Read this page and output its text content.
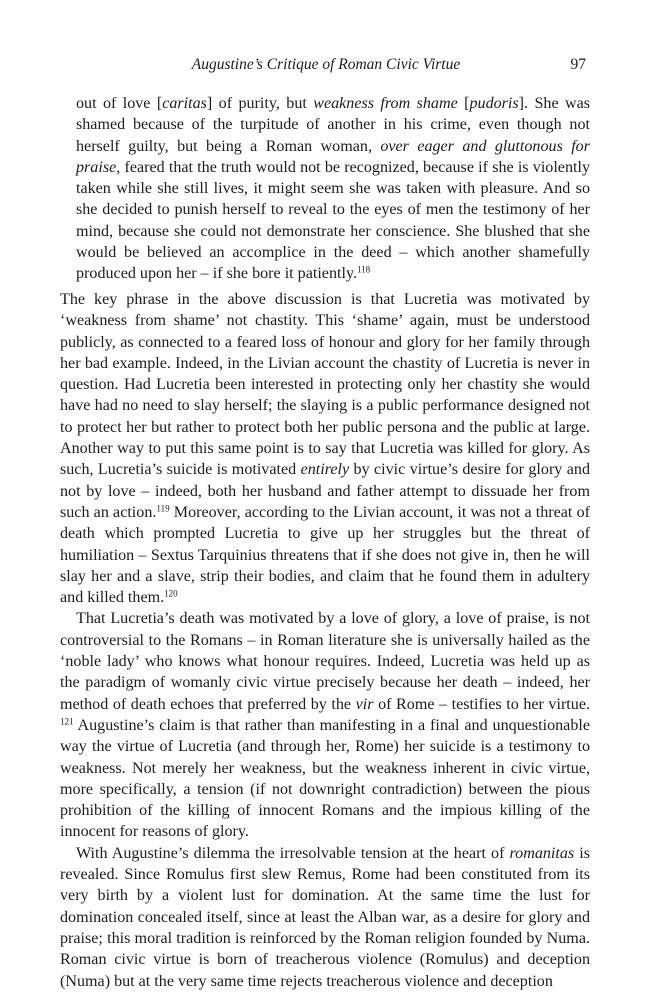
Augustine’s Critique of Roman Civic Virtue	97
out of love [caritas] of purity, but weakness from shame [pudoris]. She was shamed because of the turpitude of another in his crime, even though not herself guilty, but being a Roman woman, over eager and gluttonous for praise, feared that the truth would not be recognized, because if she is violently taken while she still lives, it might seem she was taken with pleasure. And so she decided to punish herself to reveal to the eyes of men the testimony of her mind, because she could not demonstrate her conscience. She blushed that she would be believed an accomplice in the deed – which another shamefully produced upon her – if she bore it patiently.$^{118}$

The key phrase in the above discussion is that Lucretia was motivated by ‘weakness from shame’ not chastity. This ‘shame’ again, must be understood publicly, as connected to a feared loss of honour and glory for her family through her bad example. Indeed, in the Livian account the chastity of Lucretia is never in question. Had Lucretia been interested in protecting only her chastity she would have had no need to slay herself; the slaying is a public performance designed not to protect her but rather to protect both her public persona and the public at large. Another way to put this same point is to say that Lucretia was killed for glory. As such, Lucretia’s suicide is motivated entirely by civic virtue’s desire for glory and not by love – indeed, both her husband and father attempt to dissuade her from such an action.$^{119}$ Moreover, according to the Livian account, it was not a threat of death which prompted Lucretia to give up her struggles but the threat of humiliation – Sextus Tarquinius threatens that if she does not give in, then he will slay her and a slave, strip their bodies, and claim that he found them in adultery and killed them.$^{120}$

That Lucretia’s death was motivated by a love of glory, a love of praise, is not controversial to the Romans – in Roman literature she is universally hailed as the ‘noble lady’ who knows what honour requires. Indeed, Lucretia was held up as the paradigm of womanly civic virtue precisely because her death – indeed, her method of death echoes that preferred by the vir of Rome – testifies to her virtue. $^{121}$ Augustine’s claim is that rather than manifesting in a final and unquestionable way the virtue of Lucretia (and through her, Rome) her suicide is a testimony to weakness. Not merely her weakness, but the weakness inherent in civic virtue, more specifically, a tension (if not downright contradiction) between the pious prohibition of the killing of innocent Romans and the impious killing of the innocent for reasons of glory.

With Augustine’s dilemma the irresolvable tension at the heart of romanitas is revealed. Since Romulus first slew Remus, Rome had been constituted from its very birth by a violent lust for domination. At the same time the lust for domination concealed itself, since at least the Alban war, as a desire for glory and praise; this moral tradition is reinforced by the Roman religion founded by Numa. Roman civic virtue is born of treacherous violence (Romulus) and deception (Numa) but at the very same time rejects treacherous violence and deception
